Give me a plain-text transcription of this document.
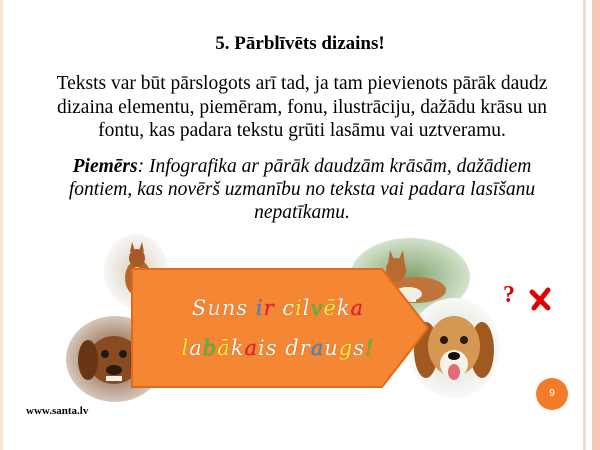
5. Pārblīvēts dizains!
Teksts var būt pārslogots arī tad, ja tam pievienots pārāk daudz dizaina elementu, piemēram, fonu, ilustrāciju, dažādu krāsu un fontu, kas padara tekstu grūti lasāmu vai uztveramu.
Piemērs: Infografika ar pārāk daudzām krāsām, dažādiem fontiem, kas novērš uzmanību no teksta vai padara lasīšanu nepatīkamu.
Suns ir cilvēka
labākais draugs!
?
9
www.santa.lv
